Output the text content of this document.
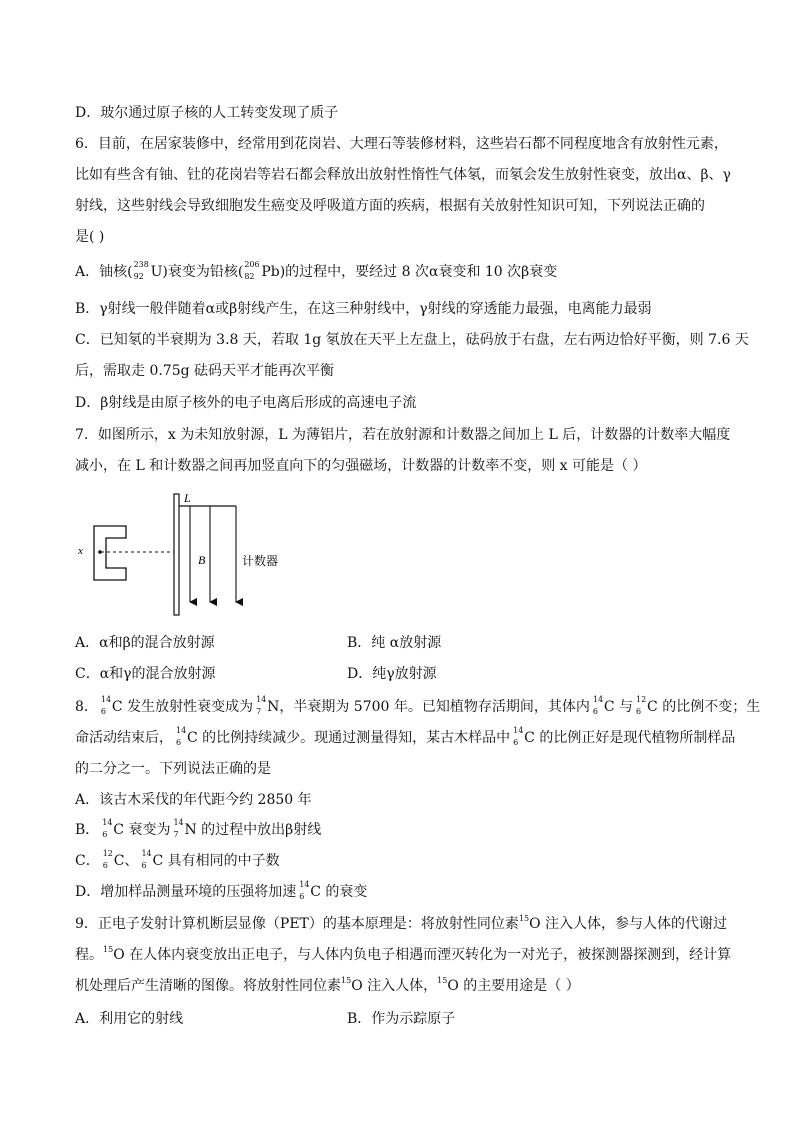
D．玻尔通过原子核的人工转变发现了质子
6．目前，在居家装修中，经常用到花岗岩、大理石等装修材料，这些岩石都不同程度地含有放射性元素，
比如有些含有铀、钍的花岗岩等岩石都会释放出放射性惰性气体氡，而氡会发生放射性衰变，放出α、β、γ
射线，这些射线会导致细胞发生癌变及呼吸道方面的疾病，根据有关放射性知识可知，下列说法正确的
是( )
A．铀核( 238
92 U)衰变为铅核( 206
82 Pb)的过程中，要经过 8 次α衰变和 10 次β衰变
B．γ射线一般伴随着α或β射线产生，在这三种射线中，γ射线的穿透能力最强，电离能力最弱
C．已知氡的半衰期为 3.8 天，若取 1g 氡放在天平上左盘上，砝码放于右盘，左右两边恰好平衡，则 7.6 天
后，需取走 0.75g 砝码天平才能再次平衡
D．β射线是由原子核外的电子电离后形成的高速电子流
7．如图所示，x 为未知放射源，L 为薄铝片，若在放射源和计数器之间加上 L 后，计数器的计数率大幅度
减小，在 L 和计数器之间再加竖直向下的匀强磁场，计数器的计数率不变，则 x 可能是（ ）
x
L
B	计数器
A．α和β的混合放射源	B．纯 α放射源
C．α和γ的混合放射源	D．纯γ放射源
8． 14
6 C 发生放射性衰变成为 14
7 N，半衰期为 5700 年。已知植物存活期间，其体内 14
6 C 与 12
6 C 的比例不变；生
命活动结束后， 14
6 C 的比例持续减少。现通过测量得知，某古木样品中 14
6 C 的比例正好是现代植物所制样品
的二分之一。下列说法正确的是
A．该古木采伐的年代距今约 2850 年
B． 14
6 C 衰变为 14
7 N 的过程中放出β射线
C． 12
6 C、 14
6 C 具有相同的中子数
D．增加样品测量环境的压强将加速 14
6 C 的衰变
9．正电子发射计算机断层显像（PET）的基本原理是：将放射性同位素$^{15}$O 注入人体，参与人体的代谢过
程。$^{15}$O 在人体内衰变放出正电子，与人体内负电子相遇而湮灭转化为一对光子，被探测器探测到，经计算
机处理后产生清晰的图像。将放射性同位素$^{15}$O 注入人体，$^{15}$O 的主要用途是（ ）
A．利用它的射线	B．作为示踪原子
